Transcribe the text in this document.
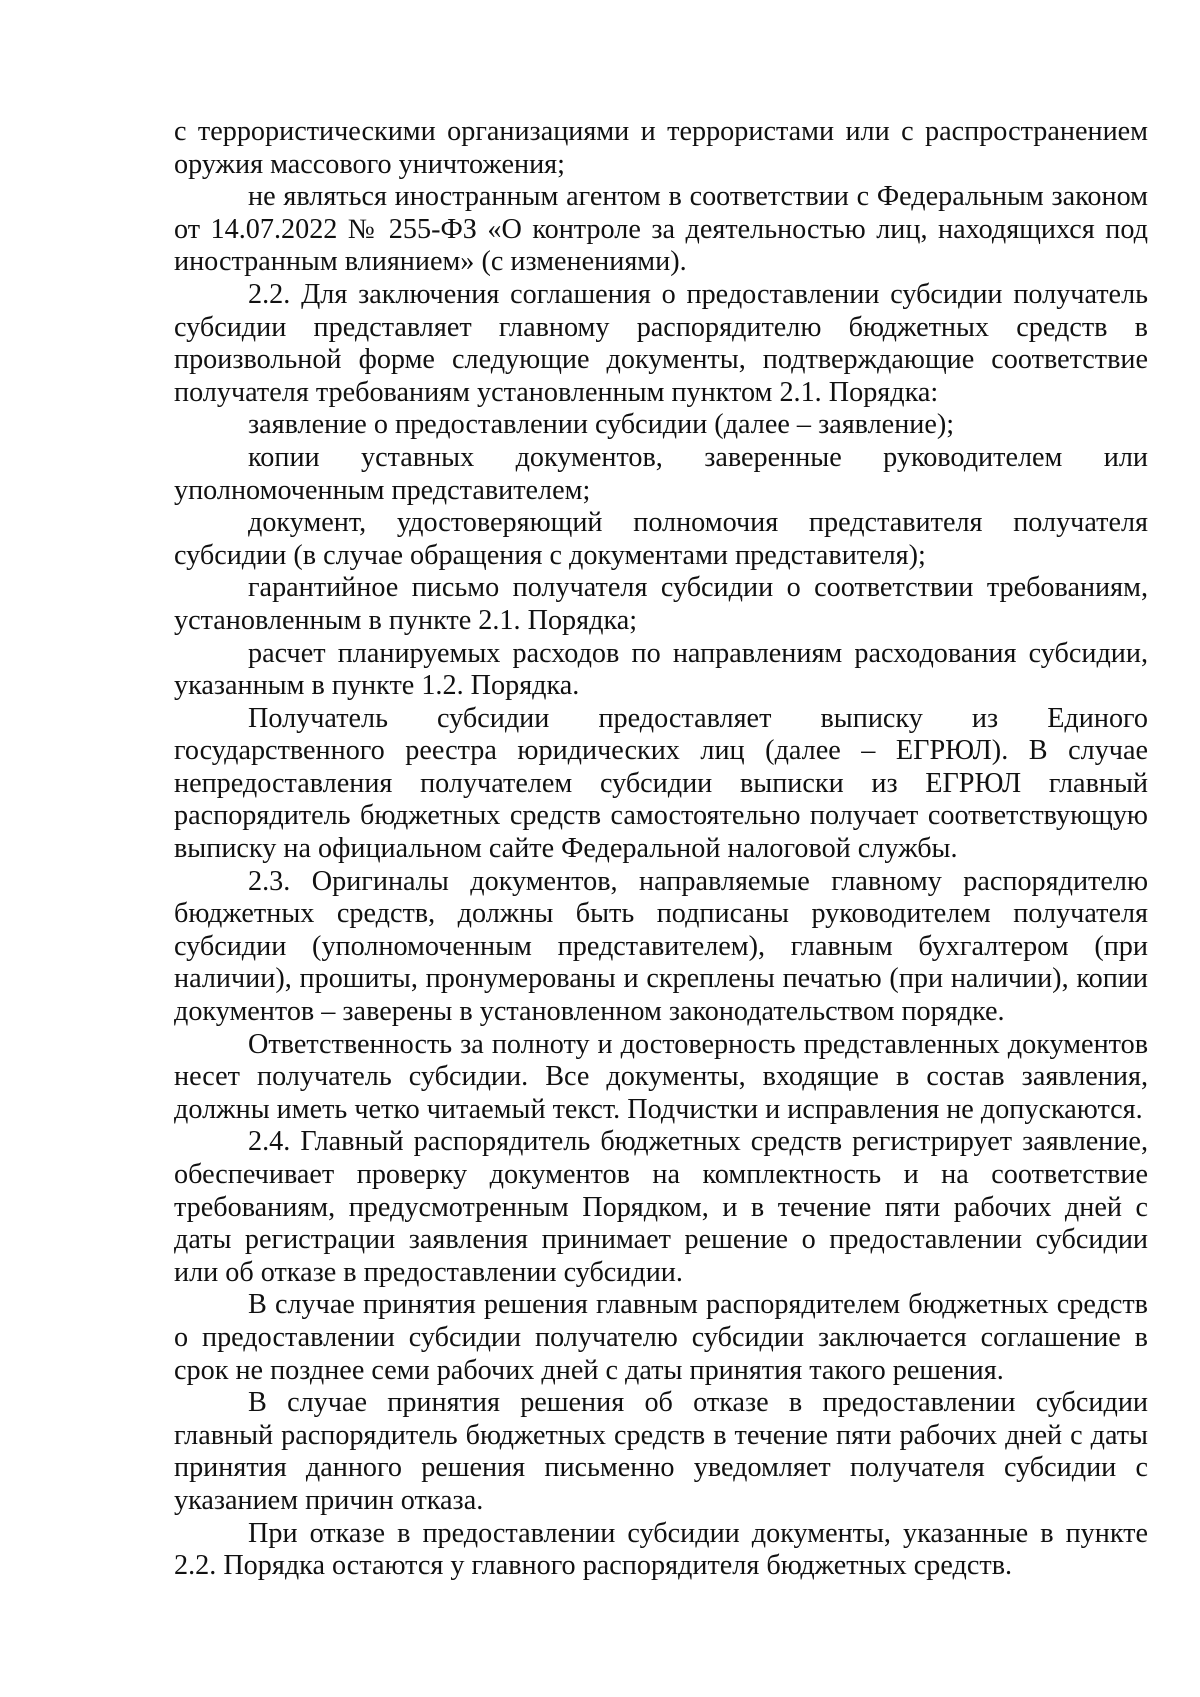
с террористическими организациями и террористами или с распространением оружия массового уничтожения;

не являться иностранным агентом в соответствии с Федеральным законом от 14.07.2022 № 255-ФЗ «О контроле за деятельностью лиц, находящихся под иностранным влиянием» (с изменениями).

2.2. Для заключения соглашения о предоставлении субсидии получатель субсидии представляет главному распорядителю бюджетных средств в произвольной форме следующие документы, подтверждающие соответствие получателя требованиям установленным пунктом 2.1. Порядка:

заявление о предоставлении субсидии (далее – заявление);

копии уставных документов, заверенные руководителем или уполномоченным представителем;

документ, удостоверяющий полномочия представителя получателя субсидии (в случае обращения с документами представителя);

гарантийное письмо получателя субсидии о соответствии требованиям, установленным в пункте 2.1. Порядка;

расчет планируемых расходов по направлениям расходования субсидии, указанным в пункте 1.2. Порядка.

Получатель субсидии предоставляет выписку из Единого государственного реестра юридических лиц (далее – ЕГРЮЛ). В случае непредоставления получателем субсидии выписки из ЕГРЮЛ главный распорядитель бюджетных средств самостоятельно получает соответствующую выписку на официальном сайте Федеральной налоговой службы.

2.3. Оригиналы документов, направляемые главному распорядителю бюджетных средств, должны быть подписаны руководителем получателя субсидии (уполномоченным представителем), главным бухгалтером (при наличии), прошиты, пронумерованы и скреплены печатью (при наличии), копии документов – заверены в установленном законодательством порядке.

Ответственность за полноту и достоверность представленных документов несет получатель субсидии. Все документы, входящие в состав заявления, должны иметь четко читаемый текст. Подчистки и исправления не допускаются.

2.4. Главный распорядитель бюджетных средств регистрирует заявление, обеспечивает проверку документов на комплектность и на соответствие требованиям, предусмотренным Порядком, и в течение пяти рабочих дней с даты регистрации заявления принимает решение о предоставлении субсидии или об отказе в предоставлении субсидии.

В случае принятия решения главным распорядителем бюджетных средств о предоставлении субсидии получателю субсидии заключается соглашение в срок не позднее семи рабочих дней с даты принятия такого решения.

В случае принятия решения об отказе в предоставлении субсидии главный распорядитель бюджетных средств в течение пяти рабочих дней с даты принятия данного решения письменно уведомляет получателя субсидии с указанием причин отказа.

При отказе в предоставлении субсидии документы, указанные в пункте 2.2. Порядка остаются у главного распорядителя бюджетных средств.
